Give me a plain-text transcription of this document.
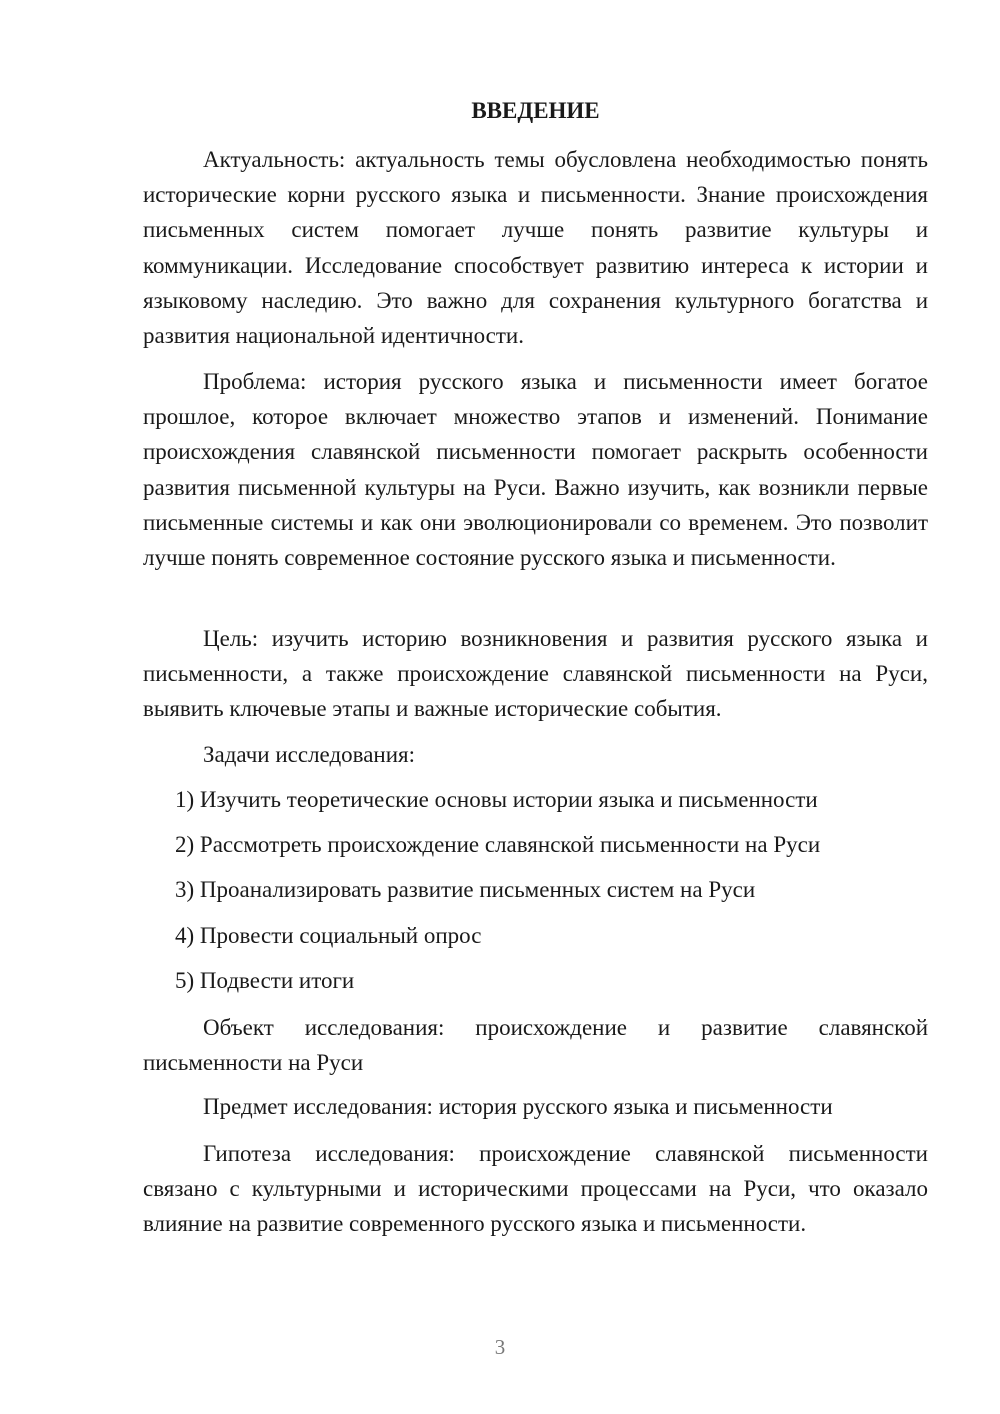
ВВЕДЕНИЕ

Актуальность: актуальность темы обусловлена необходимостью понять исторические корни русского языка и письменности. Знание происхождения письменных систем помогает лучше понять развитие культуры и коммуникации. Исследование способствует развитию интереса к истории и языковому наследию. Это важно для сохранения культурного богатства и развития национальной идентичности.

Проблема: история русского языка и письменности имеет богатое прошлое, которое включает множество этапов и изменений. Понимание происхождения славянской письменности помогает раскрыть особенности развития письменной культуры на Руси. Важно изучить, как возникли первые письменные системы и как они эволюционировали со временем. Это позволит лучше понять современное состояние русского языка и письменности.

Цель: изучить историю возникновения и развития русского языка и письменности, а также происхождение славянской письменности на Руси, выявить ключевые этапы и важные исторические события.

Задачи исследования:

1) Изучить теоретические основы истории языка и письменности

2) Рассмотреть происхождение славянской письменности на Руси

3) Проанализировать развитие письменных систем на Руси

4) Провести социальный опрос

5) Подвести итоги

Объект исследования: происхождение и развитие славянской письменности на Руси

Предмет исследования: история русского языка и письменности

Гипотеза исследования: происхождение славянской письменности связано с культурными и историческими процессами на Руси, что оказало влияние на развитие современного русского языка и письменности.

3
